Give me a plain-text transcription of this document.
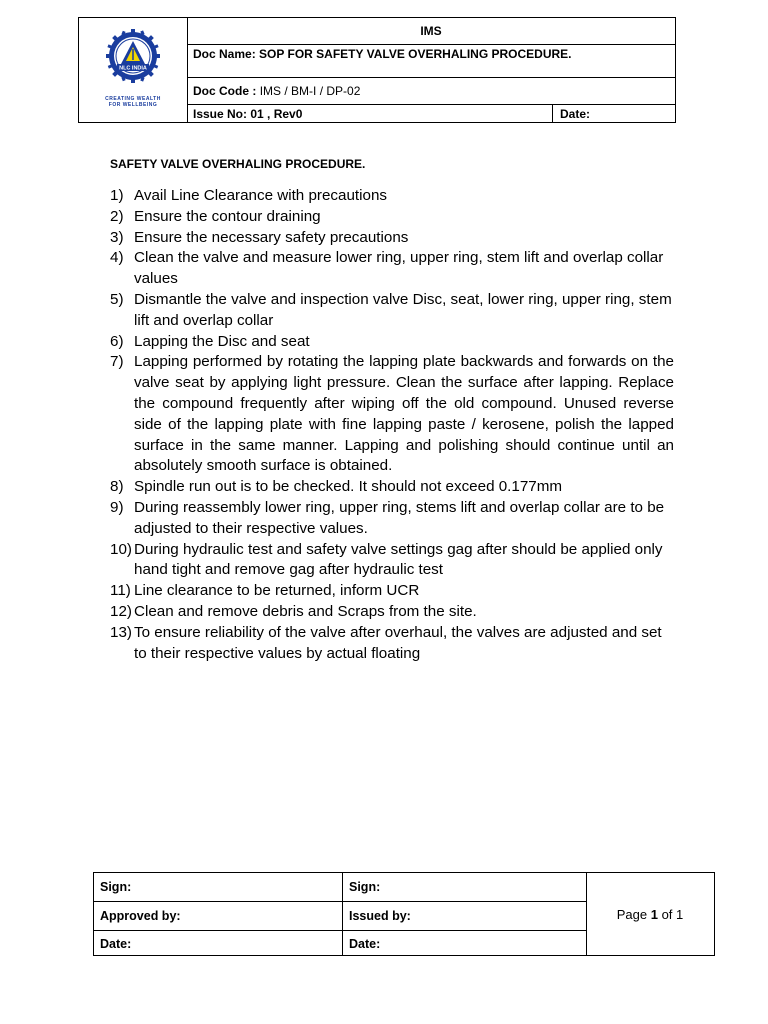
NLC INDIA
CREATING WEALTH
FOR WELLBEING
IMS
Doc Name: SOP FOR SAFETY VALVE OVERHALING PROCEDURE.
Doc Code : IMS / BM-I / DP-02
Issue No: 01 , Rev0	Date:
SAFETY VALVE OVERHALING PROCEDURE.
1) Avail Line Clearance with precautions
2) Ensure the contour draining
3) Ensure the necessary safety precautions
4) Clean the valve and measure lower ring, upper ring, stem lift and overlap collar values
5) Dismantle the valve and inspection valve Disc, seat, lower ring, upper ring, stem lift and overlap collar
6) Lapping the Disc and seat
7) Lapping performed by rotating the lapping plate backwards and forwards on the valve seat by applying light pressure. Clean the surface after lapping. Replace the compound frequently after wiping off the old compound. Unused reverse side of the lapping plate with fine lapping paste / kerosene, polish the lapped surface in the same manner. Lapping and polishing should continue until an absolutely smooth surface is obtained.
8) Spindle run out is to be checked. It should not exceed 0.177mm
9) During reassembly lower ring, upper ring, stems lift and overlap collar are to be adjusted to their respective values.
10) During hydraulic test and safety valve settings gag after should be applied only hand tight and remove gag after hydraulic test
11) Line clearance to be returned, inform UCR
12) Clean and remove debris and Scraps from the site.
13) To ensure reliability of the valve after overhaul, the valves are adjusted and set to their respective values by actual floating
Sign:	Sign:
Approved by:	Issued by:
Date:	Date:
Page
1
of 1
